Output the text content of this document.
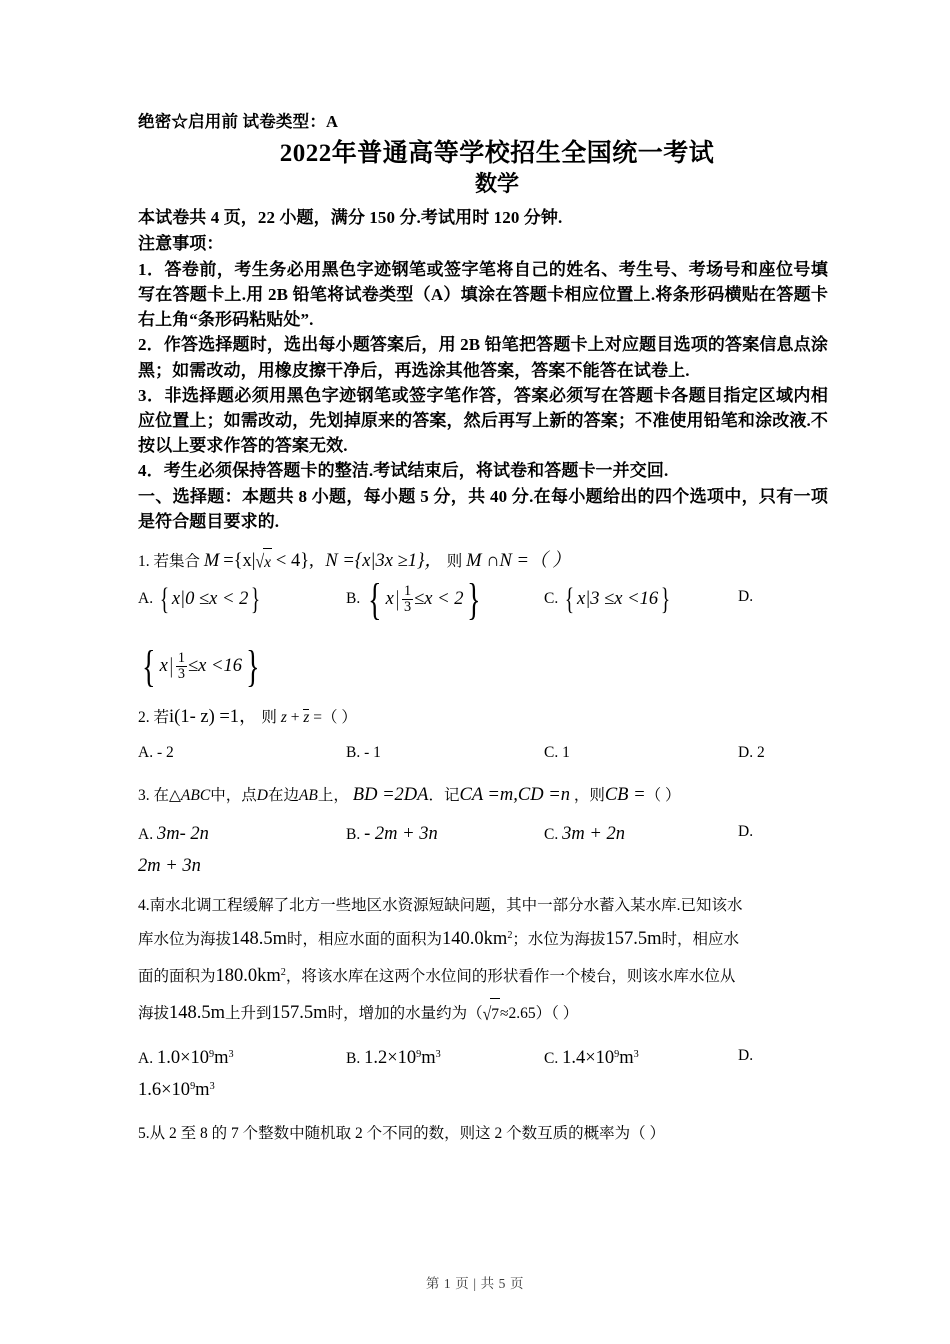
绝密☆启用前 试卷类型：A
2022年普通高等学校招生全国统一考试
数学

本试卷共 4 页，22 小题，满分 150 分.考试用时 120 分钟.

注意事项：

1．答卷前，考生务必用黑色字迹钢笔或签字笔将自己的姓名、考生号、考场号和座位号填写在答题卡上.用 2B 铅笔将试卷类型（A）填涂在答题卡相应位置上.将条形码横贴在答题卡右上角“条形码粘贴处”.

2．作答选择题时，选出每小题答案后，用 2B 铅笔把答题卡上对应题目选项的答案信息点涂黑；如需改动，用橡皮擦干净后，再选涂其他答案，答案不能答在试卷上.

3．非选择题必须用黑色字迹钢笔或签字笔作答，答案必须写在答题卡各题目指定区域内相应位置上；如需改动，先划掉原来的答案，然后再写上新的答案；不准使用铅笔和涂改液.不按以上要求作答的答案无效.

4．考生必须保持答题卡的整洁.考试结束后，将试卷和答题卡一并交回.

一、选择题：本题共 8 小题，每小题 5 分，共 40 分.在每小题给出的四个选项中，只有一项是符合题目要求的.

1. 若集合 M ={x|√x < 4}, N ={x|3x ≥1}， 则 M ∩N =（ ）
A. { x|0 ≤x < 2 }	B. { x | $\frac{1}{3} \le x < 2$ }	C. { x|3 ≤x <16 }	D.
{ x | $\frac{1}{3} \le x <16$ }
2. 若i(1- z) =1， 则 z + z =（ ）
A. - 2	B. - 1	C. 1	D. 2
3. 在△ABC中，点D在边AB上， BD =2DA．记CA =m,CD =n ，则CB =（ ）
A. 3m- 2n	B. - 2m + 3n	C. 3m + 2n	D.
2m + 3n
4.南水北调工程缓解了北方一些地区水资源短缺问题，其中一部分水蓄入某水库.已知该水
库水位为海拔148.5m时，相应水面的面积为$140.0km^2$；水位为海拔157.5m时，相应水
面的面积为$180.0km^2$，将该水库在这两个水位间的形状看作一个棱台，则该水库水位从
海拔148.5m上升到157.5m时，增加的水量约为（√7≈2.65）（ ）
A. $1.0\times 10^9m^3$	B. $1.2\times 10^9m^3$	C. $1.4\times 10^9m^3$	D.
$1.6\times 10^9m^3$
5.从 2 至 8 的 7 个整数中随机取 2 个不同的数，则这 2 个数互质的概率为（ ）
第 1 页 | 共 5 页
